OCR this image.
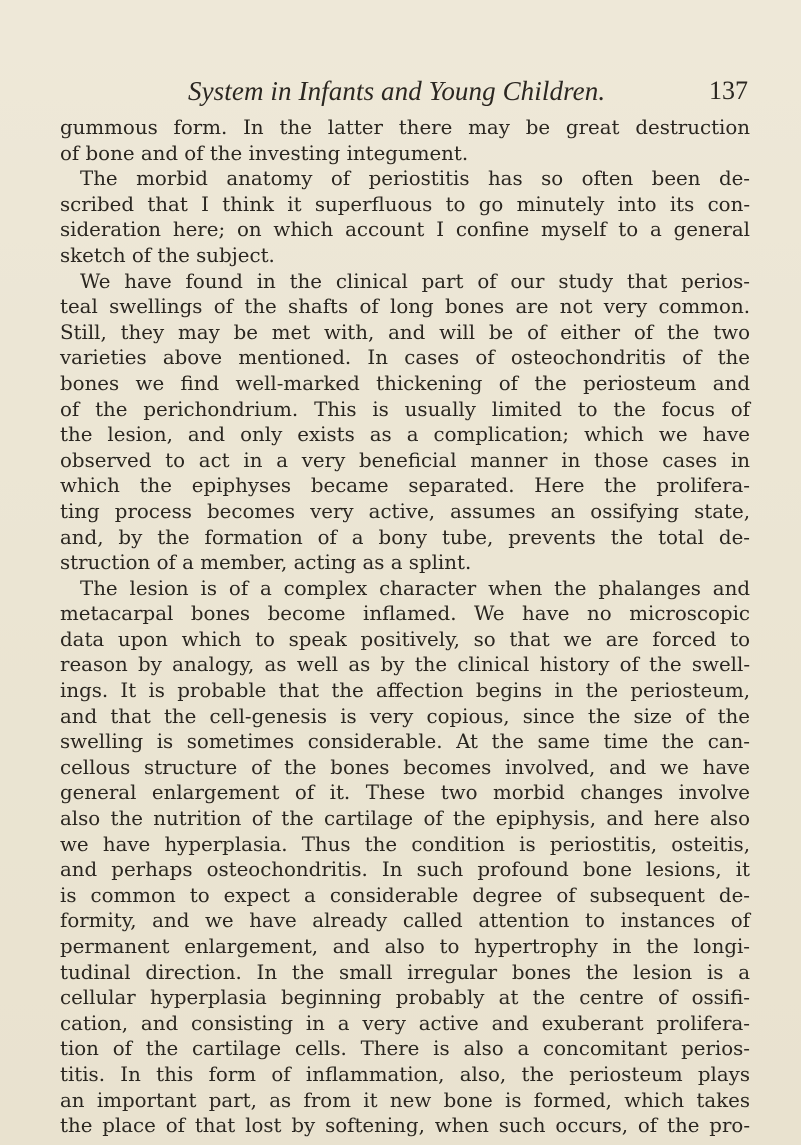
System in Infants and Young Children.	137
gummous form. In the latter there may be great destruction
of bone and of the investing integument.
The morbid anatomy of periostitis has so often been de-
scribed that I think it superfluous to go minutely into its con-
sideration here; on which account I confine myself to a general
sketch of the subject.
We have found in the clinical part of our study that perios-
teal swellings of the shafts of long bones are not very common.
Still, they may be met with, and will be of either of the two
varieties above mentioned. In cases of osteochondritis of the
bones we find well-marked thickening of the periosteum and
of the perichondrium. This is usually limited to the focus of
the lesion, and only exists as a complication; which we have
observed to act in a very beneficial manner in those cases in
which the epiphyses became separated. Here the prolifera-
ting process becomes very active, assumes an ossifying state,
and, by the formation of a bony tube, prevents the total de-
struction of a member, acting as a splint.
The lesion is of a complex character when the phalanges and
metacarpal bones become inflamed. We have no microscopic
data upon which to speak positively, so that we are forced to
reason by analogy, as well as by the clinical history of the swell-
ings. It is probable that the affection begins in the periosteum,
and that the cell-genesis is very copious, since the size of the
swelling is sometimes considerable. At the same time the can-
cellous structure of the bones becomes involved, and we have
general enlargement of it. These two morbid changes involve
also the nutrition of the cartilage of the epiphysis, and here also
we have hyperplasia. Thus the condition is periostitis, osteitis,
and perhaps osteochondritis. In such profound bone lesions, it
is common to expect a considerable degree of subsequent de-
formity, and we have already called attention to instances of
permanent enlargement, and also to hypertrophy in the longi-
tudinal direction. In the small irregular bones the lesion is a
cellular hyperplasia beginning probably at the centre of ossifi-
cation, and consisting in a very active and exuberant prolifera-
tion of the cartilage cells. There is also a concomitant perios-
titis. In this form of inflammation, also, the periosteum plays
an important part, as from it new bone is formed, which takes
the place of that lost by softening, when such occurs, of the pro-
